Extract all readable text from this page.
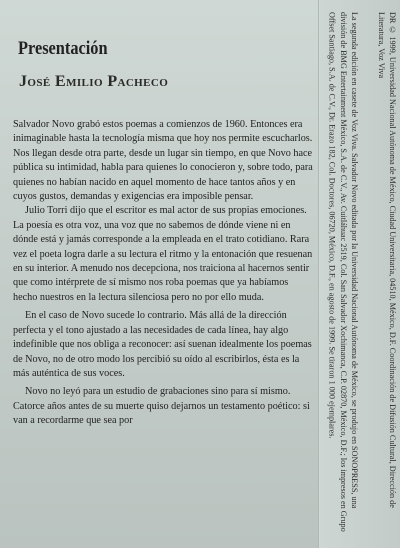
Presentación
José Emilio Pacheco

Salvador Novo grabó estos poemas a comienzos de 1960. Entonces era inimaginable hasta la tecnología misma que hoy nos permite escucharlos. Nos llegan desde otra parte, desde un lugar sin tiempo, en que Novo hace pública su intimidad, habla para quienes lo conocieron y, sobre todo, para quienes no habían nacido en aquel momento de hace tantos años y en cuyos gustos, demandas y exigencias era imposible pensar.

Julio Torri dijo que el escritor es mal actor de sus propias emociones. La poesía es otra voz, una voz que no sabemos de dónde viene ni en dónde está y jamás corresponde a la empleada en el trato cotidiano. Rara vez el poeta logra darle a su lectura el ritmo y la entonación que resuenan en su interior. A menudo nos decepciona, nos traiciona al hacernos sentir que como intérprete de sí mismo nos roba poemas que ya habíamos hecho nuestros en la lectura silenciosa pero no por ello muda.

En el caso de Novo sucede lo contrario. Más allá de la dirección perfecta y el tono ajustado a las necesidades de cada línea, hay algo indefinible que nos obliga a reconocer: así suenan idealmente los poemas de Novo, no de otro modo los percibió su oído al escribirlos, ésta es la más auténtica de sus voces.

Novo no leyó para un estudio de grabaciones sino para sí mismo. Catorce años antes de su muerte quiso dejarnos un testamento poético: si van a recordarme que sea por	La segunda edición en casete de Voz Viva. Salvador Novo editada por la Universidad Nacional Autónoma de México, se produjo en SONOPRESS, una división de BMG Entertainment México, S.A. de C.V., Av. Cuitláhuac 2519, Col. San Salvador Xochimanca, C.P. 02870, México, D.F.; los impresos en Grupo Offset Santiago, S.A. de C.V., Dr. Erazo 182, Col. Doctores, 06720, México, D.F., en agosto de 1999. Se tiraron 1 000 ejemplares.	DR © 1999, Universidad Nacional Autónoma de México, Ciudad Universitaria, 04510, México, D.F. Coordinación de Difusión Cultural, Dirección de Literatura, Voz Viva
